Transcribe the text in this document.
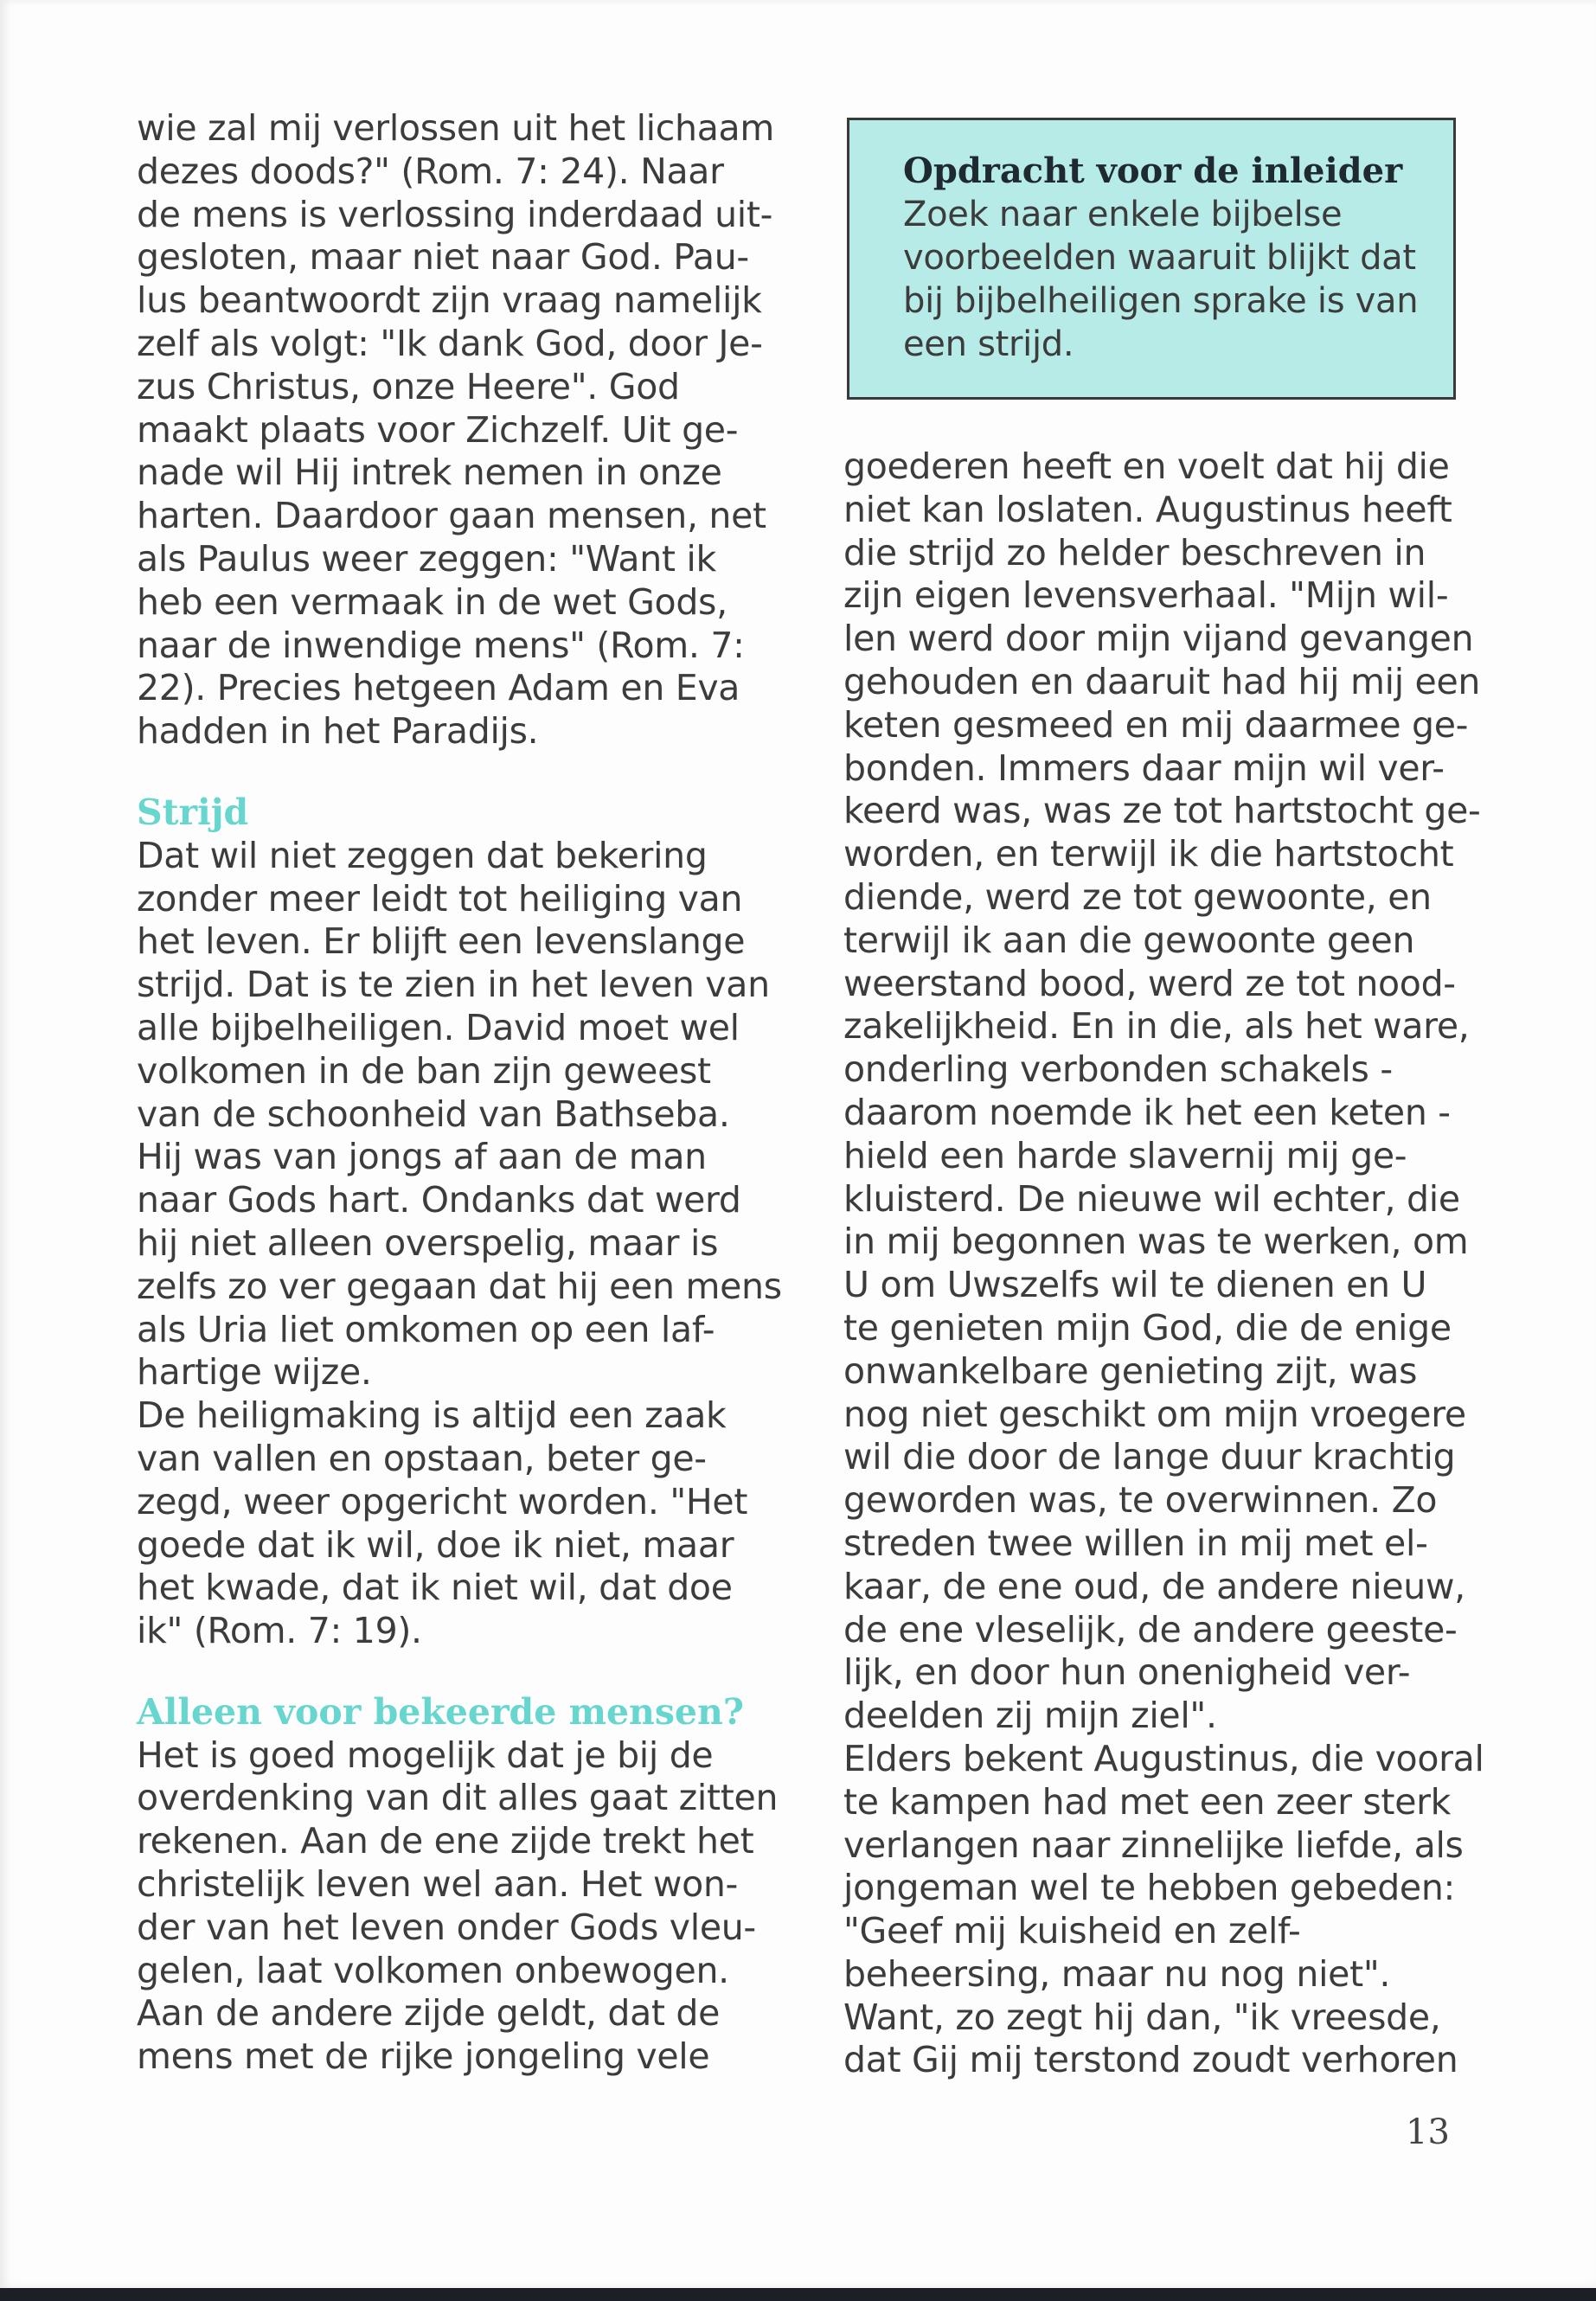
wie zal mij verlossen uit het lichaam
dezes doods?" (Rom. 7: 24). Naar
de mens is verlossing inderdaad uit-
gesloten, maar niet naar God. Pau-
lus beantwoordt zijn vraag namelijk
zelf als volgt: "Ik dank God, door Je-
zus Christus, onze Heere". God
maakt plaats voor Zichzelf. Uit ge-
nade wil Hij intrek nemen in onze
harten. Daardoor gaan mensen, net
als Paulus weer zeggen: "Want ik
heb een vermaak in de wet Gods,
naar de inwendige mens" (Rom. 7:
22). Precies hetgeen Adam en Eva
hadden in het Paradijs.
Strijd
Dat wil niet zeggen dat bekering
zonder meer leidt tot heiliging van
het leven. Er blijft een levenslange
strijd. Dat is te zien in het leven van
alle bijbelheiligen. David moet wel
volkomen in de ban zijn geweest
van de schoonheid van Bathseba.
Hij was van jongs af aan de man
naar Gods hart. Ondanks dat werd
hij niet alleen overspelig, maar is
zelfs zo ver gegaan dat hij een mens
als Uria liet omkomen op een laf-
hartige wijze.
De heiligmaking is altijd een zaak
van vallen en opstaan, beter ge-
zegd, weer opgericht worden. "Het
goede dat ik wil, doe ik niet, maar
het kwade, dat ik niet wil, dat doe
ik" (Rom. 7: 19).
Alleen voor bekeerde mensen?
Het is goed mogelijk dat je bij de
overdenking van dit alles gaat zitten
rekenen. Aan de ene zijde trekt het
christelijk leven wel aan. Het won-
der van het leven onder Gods vleu-
gelen, laat volkomen onbewogen.
Aan de andere zijde geldt, dat de
mens met de rijke jongeling vele
Opdracht voor de inleider
Zoek naar enkele bijbelse
voorbeelden waaruit blijkt dat
bij bijbelheiligen sprake is van
een strijd.
goederen heeft en voelt dat hij die
niet kan loslaten. Augustinus heeft
die strijd zo helder beschreven in
zijn eigen levensverhaal. "Mijn wil-
len werd door mijn vijand gevangen
gehouden en daaruit had hij mij een
keten gesmeed en mij daarmee ge-
bonden. Immers daar mijn wil ver-
keerd was, was ze tot hartstocht ge-
worden, en terwijl ik die hartstocht
diende, werd ze tot gewoonte, en
terwijl ik aan die gewoonte geen
weerstand bood, werd ze tot nood-
zakelijkheid. En in die, als het ware,
onderling verbonden schakels -
daarom noemde ik het een keten -
hield een harde slavernij mij ge-
kluisterd. De nieuwe wil echter, die
in mij begonnen was te werken, om
U om Uwszelfs wil te dienen en U
te genieten mijn God, die de enige
onwankelbare genieting zijt, was
nog niet geschikt om mijn vroegere
wil die door de lange duur krachtig
geworden was, te overwinnen. Zo
streden twee willen in mij met el-
kaar, de ene oud, de andere nieuw,
de ene vleselijk, de andere geeste-
lijk, en door hun onenigheid ver-
deelden zij mijn ziel".
Elders bekent Augustinus, die vooral
te kampen had met een zeer sterk
verlangen naar zinnelijke liefde, als
jongeman wel te hebben gebeden:
"Geef mij kuisheid en zelf-
beheersing, maar nu nog niet".
Want, zo zegt hij dan, "ik vreesde,
dat Gij mij terstond zoudt verhoren
13
